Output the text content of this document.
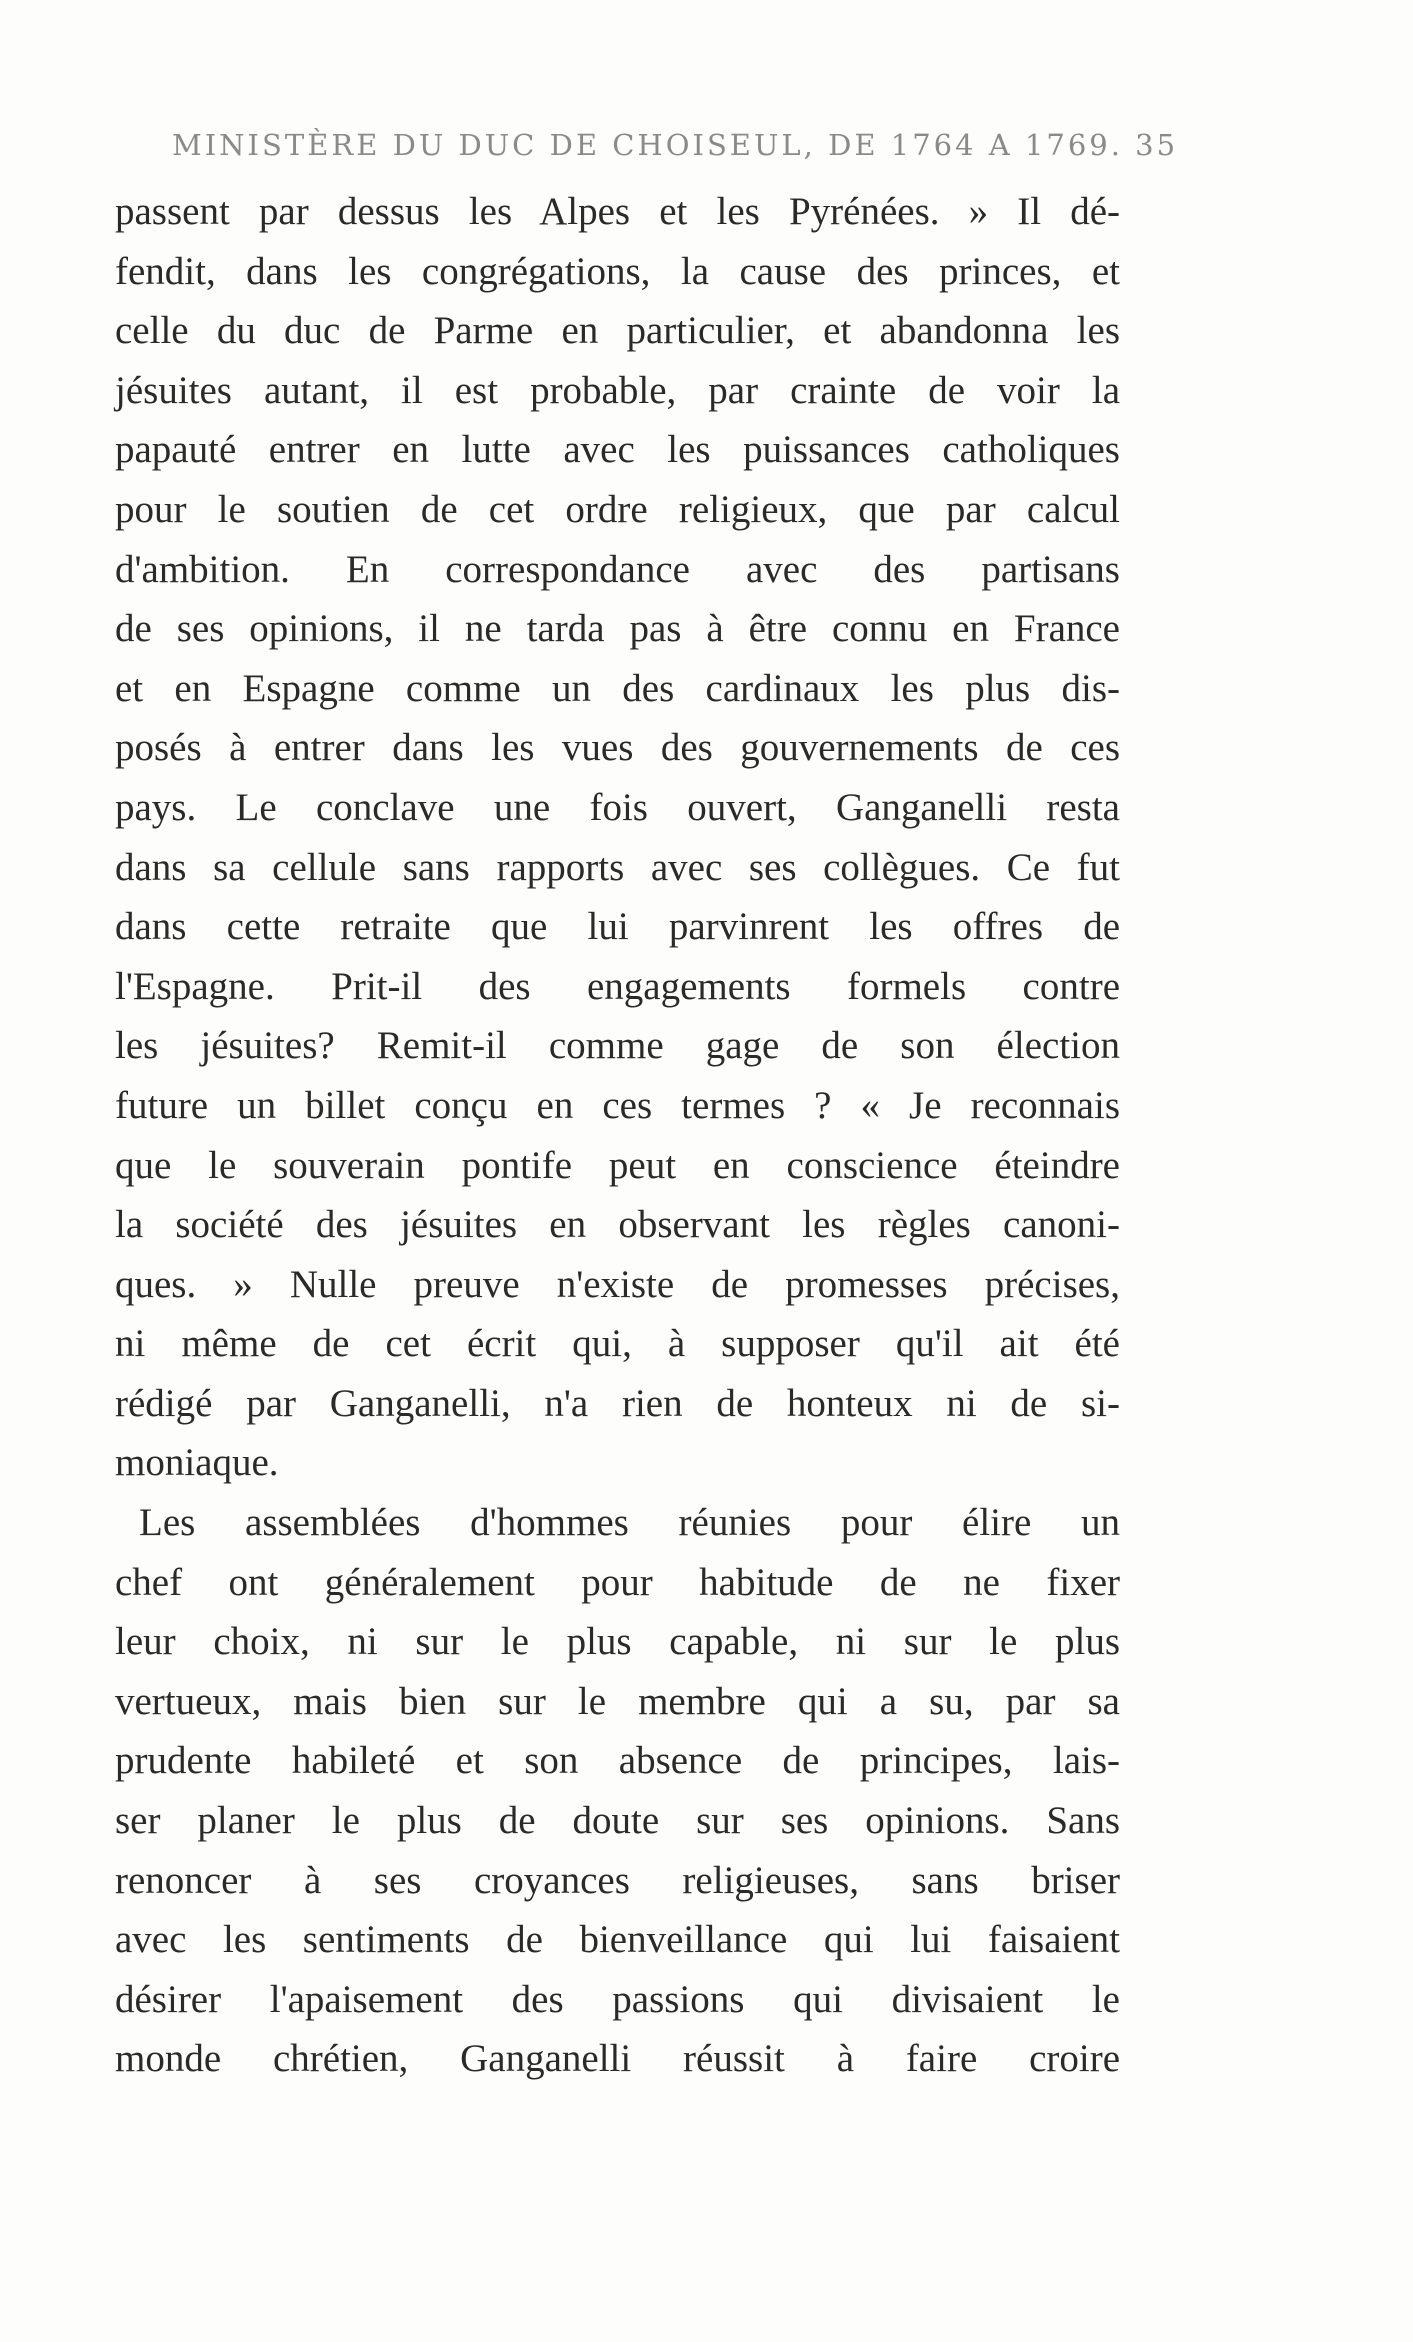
MINISTÈRE DU DUC DE CHOISEUL, DE 1764 A 1769. 35
passent par dessus les Alpes et les Pyrénées. » Il dé-
fendit, dans les congrégations, la cause des princes, et
celle du duc de Parme en particulier, et abandonna les
jésuites autant, il est probable, par crainte de voir la
papauté entrer en lutte avec les puissances catholiques
pour le soutien de cet ordre religieux, que par calcul
d'ambition. En correspondance avec des partisans
de ses opinions, il ne tarda pas à être connu en France
et en Espagne comme un des cardinaux les plus dis-
posés à entrer dans les vues des gouvernements de ces
pays. Le conclave une fois ouvert, Ganganelli resta
dans sa cellule sans rapports avec ses collègues. Ce fut
dans cette retraite que lui parvinrent les offres de
l'Espagne. Prit-il des engagements formels contre
les jésuites? Remit-il comme gage de son élection
future un billet conçu en ces termes ? « Je reconnais
que le souverain pontife peut en conscience éteindre
la société des jésuites en observant les règles canoni-
ques. » Nulle preuve n'existe de promesses précises,
ni même de cet écrit qui, à supposer qu'il ait été
rédigé par Ganganelli, n'a rien de honteux ni de si-
moniaque.
Les assemblées d'hommes réunies pour élire un
chef ont généralement pour habitude de ne fixer
leur choix, ni sur le plus capable, ni sur le plus
vertueux, mais bien sur le membre qui a su, par sa
prudente habileté et son absence de principes, lais-
ser planer le plus de doute sur ses opinions. Sans
renoncer à ses croyances religieuses, sans briser
avec les sentiments de bienveillance qui lui faisaient
désirer l'apaisement des passions qui divisaient le
monde chrétien, Ganganelli réussit à faire croire
